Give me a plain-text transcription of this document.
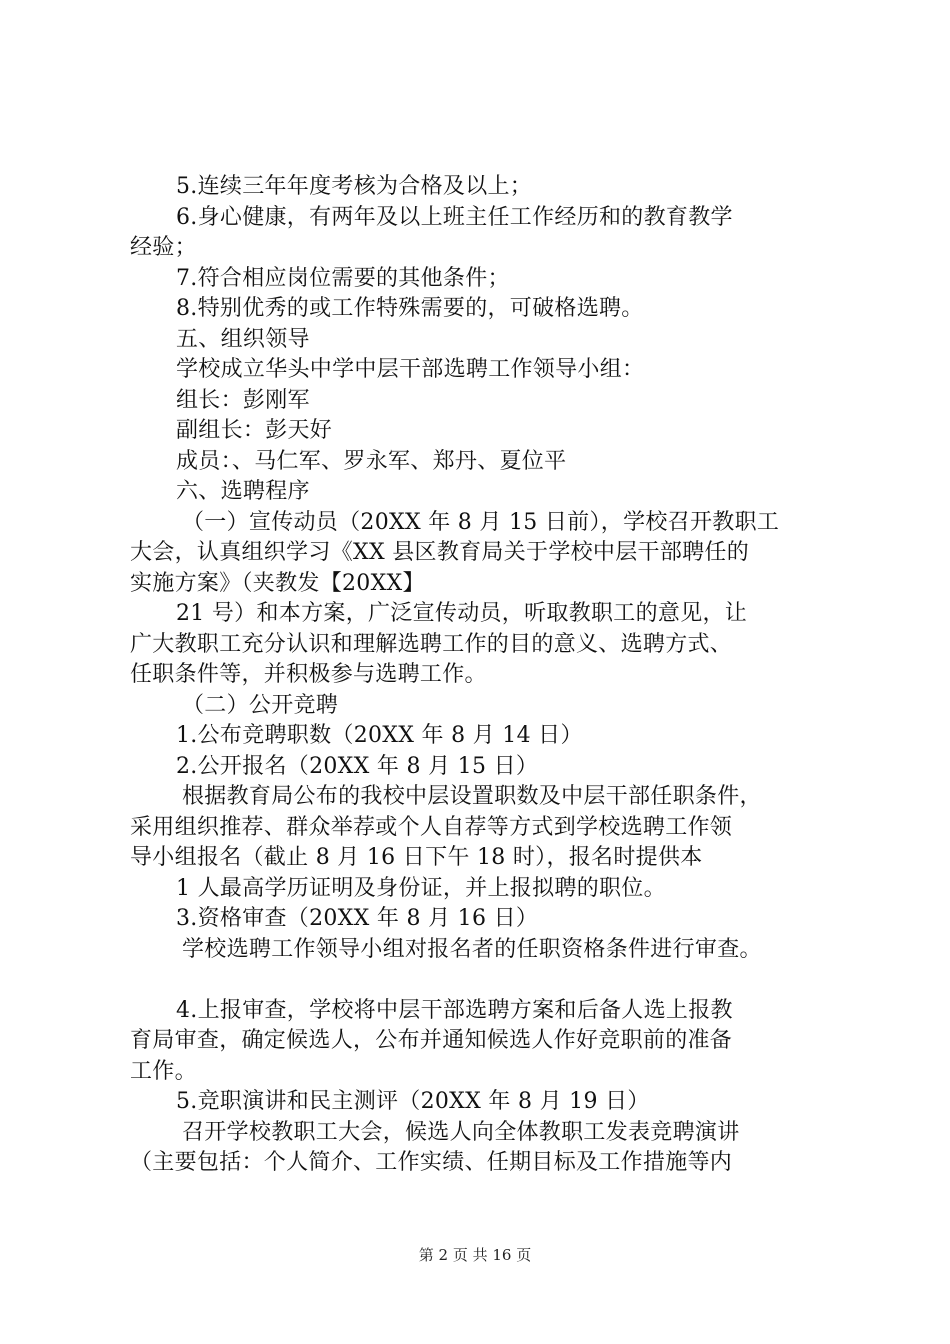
5.连续三年年度考核为合格及以上；
6.身心健康，有两年及以上班主任工作经历和的教育教学
经验；
7.符合相应岗位需要的其他条件；
8.特别优秀的或工作特殊需要的，可破格选聘。
五、组织领导
学校成立华头中学中层干部选聘工作领导小组：
组长：彭刚军
副组长：彭天好
成员：、马仁军、罗永军、郑丹、夏位平
六、选聘程序
（一）宣传动员（20XX 年 8 月 15 日前），学校召开教职工
大会，认真组织学习《XX 县区教育局关于学校中层干部聘任的
实施方案》（夹教发【20XX】
21 号）和本方案，广泛宣传动员，听取教职工的意见，让
广大教职工充分认识和理解选聘工作的目的意义、选聘方式、
任职条件等，并积极参与选聘工作。
（二）公开竞聘
1.公布竞聘职数（20XX 年 8 月 14 日）
2.公开报名（20XX 年 8 月 15 日）
根据教育局公布的我校中层设置职数及中层干部任职条件，
采用组织推荐、群众举荐或个人自荐等方式到学校选聘工作领
导小组报名（截止 8 月 16 日下午 18 时），报名时提供本
1 人最高学历证明及身份证，并上报拟聘的职位。
3.资格审查（20XX 年 8 月 16 日）
学校选聘工作领导小组对报名者的任职资格条件进行审查。
4.上报审查，学校将中层干部选聘方案和后备人选上报教
育局审查，确定候选人，公布并通知候选人作好竞职前的准备
工作。
5.竞职演讲和民主测评（20XX 年 8 月 19 日）
召开学校教职工大会，候选人向全体教职工发表竞聘演讲
（主要包括：个人简介、工作实绩、任期目标及工作措施等内
第 2 页 共 16 页
